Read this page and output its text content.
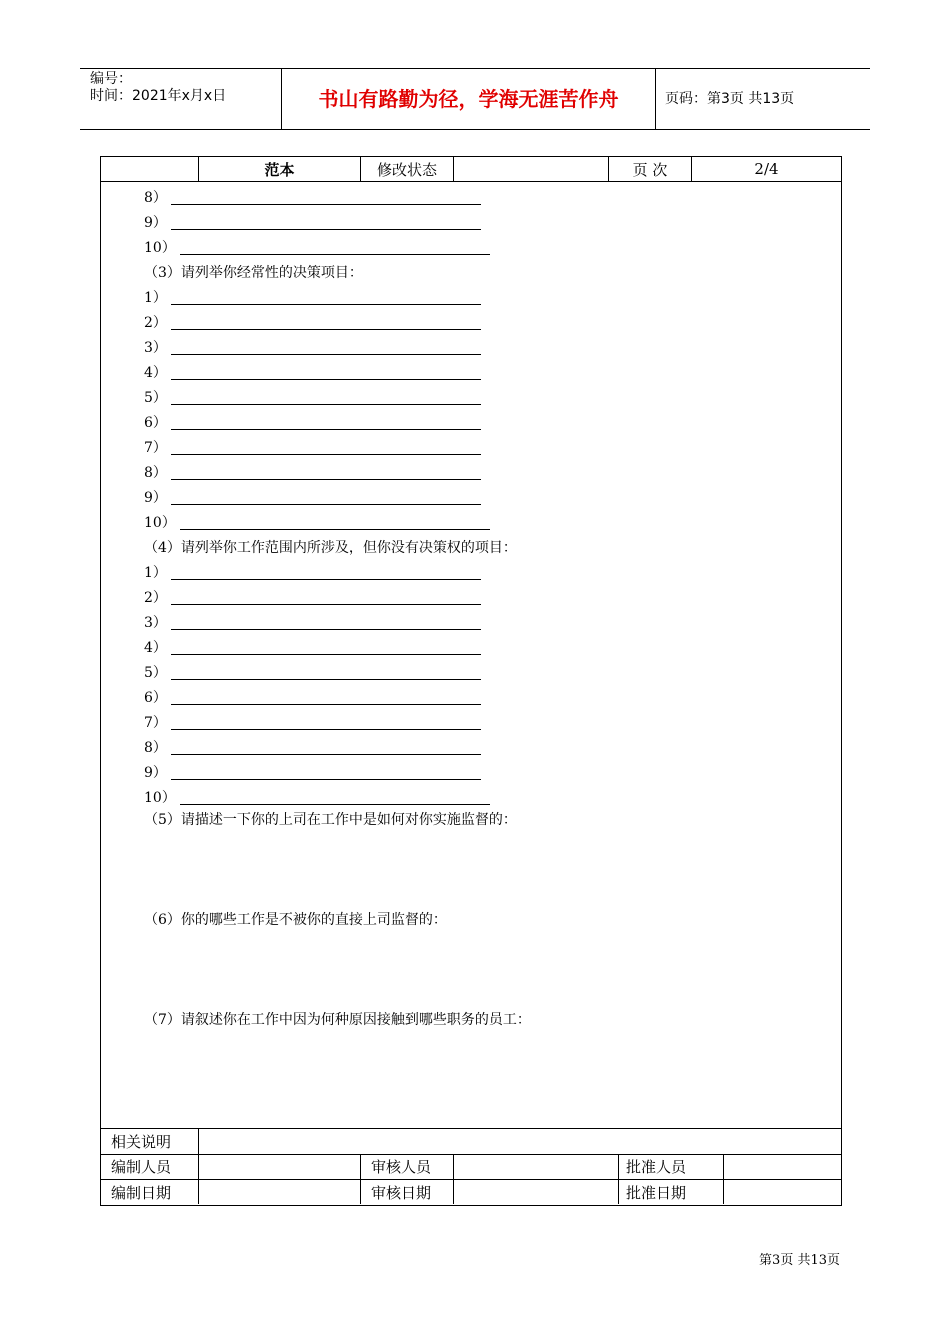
编号：
时间：2021年x月x日	书山有路勤为径，学海无涯苦作舟	页码：第3页 共13页
范本	修改状态	页 次	2/4
8）
9）
10）
（3）请列举你经常性的决策项目：
1）
2）
3）
4）
5）
6）
7）
8）
9）
10）
（4）请列举你工作范围内所涉及，但你没有决策权的项目：
1）
2）
3）
4）
5）
6）
7）
8）
9）
10）
（5）请描述一下你的上司在工作中是如何对你实施监督的：
（6）你的哪些工作是不被你的直接上司监督的：
（7）请叙述你在工作中因为何种原因接触到哪些职务的员工：
相关说明
编制人员	审核人员	批准人员
编制日期	审核日期	批准日期
第3页 共13页
